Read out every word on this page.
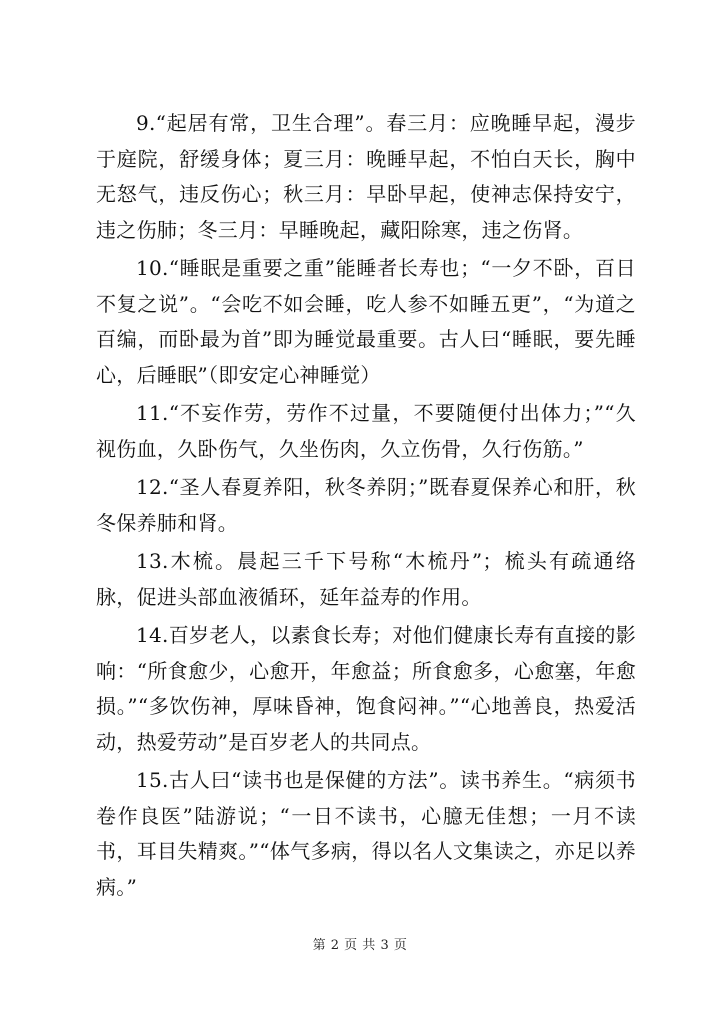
9.“起居有常，卫生合理”。春三月：应晚睡早起，漫步于庭院，舒缓身体；夏三月：晚睡早起，不怕白天长，胸中无怒气，违反伤心；秋三月：早卧早起，使神志保持安宁，违之伤肺；冬三月：早睡晚起，藏阳除寒，违之伤肾。

10.“睡眠是重要之重”能睡者长寿也；“一夕不卧，百日不复之说”。“会吃不如会睡，吃人参不如睡五更”，“为道之百编，而卧最为首”即为睡觉最重要。古人曰“睡眠，要先睡心，后睡眠”（即安定心神睡觉）

11.“不妄作劳，劳作不过量，不要随便付出体力；”“久视伤血，久卧伤气，久坐伤肉，久立伤骨，久行伤筋。”

12.“圣人春夏养阳，秋冬养阴；”既春夏保养心和肝，秋冬保养肺和肾。

13.木梳。晨起三千下号称“木梳丹”；梳头有疏通络脉，促进头部血液循环，延年益寿的作用。

14.百岁老人，以素食长寿；对他们健康长寿有直接的影响：“所食愈少，心愈开，年愈益；所食愈多，心愈塞，年愈损。”“多饮伤神，厚味昏神，饱食闷神。”“心地善良，热爱活动，热爱劳动”是百岁老人的共同点。

15.古人曰“读书也是保健的方法”。读书养生。“病须书卷作良医”陆游说；“一日不读书，心臆无佳想；一月不读书，耳目失精爽。”“体气多病，得以名人文集读之，亦足以养病。”

第 2 页 共 3 页
